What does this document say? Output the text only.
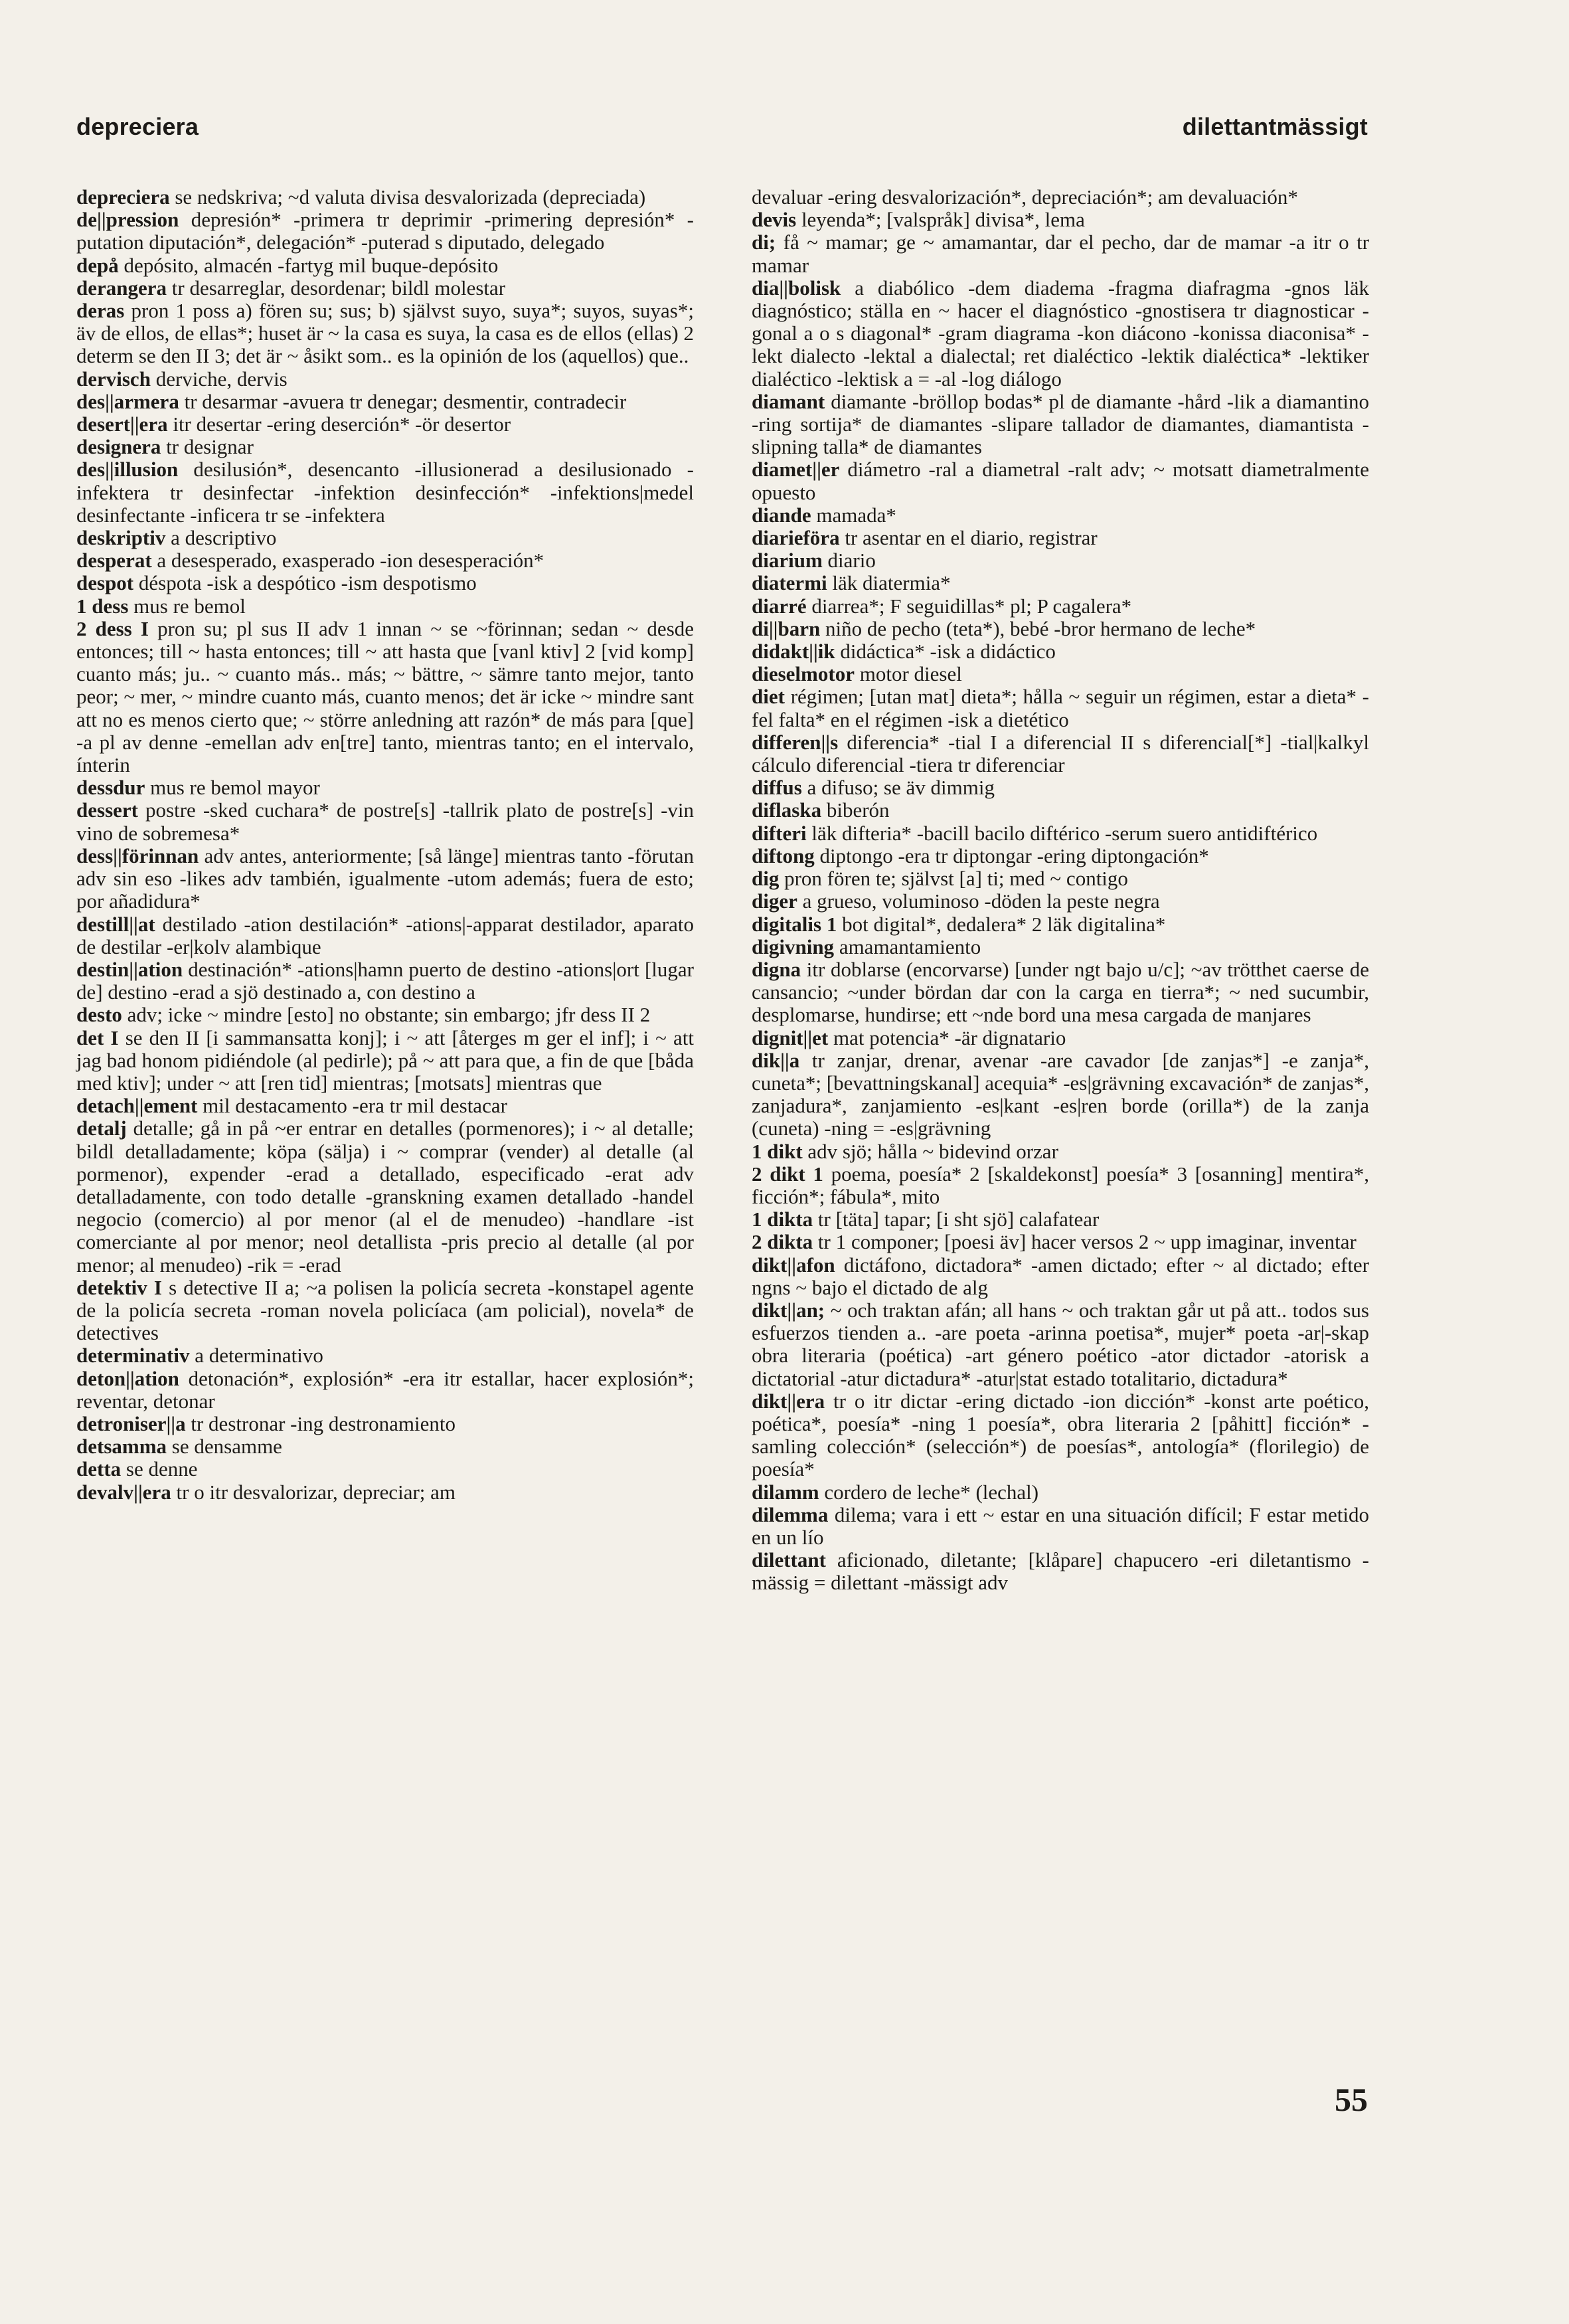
depreciera	dilettantmässigt

depreciera se nedskriva; ~d valuta divisa desvalorizada (depreciada)

de||pression depresión* -primera tr deprimir -primering depresión* -putation diputación*, delegación* -puterad s diputado, delegado

depå depósito, almacén -fartyg mil buque-depósito

derangera tr desarreglar, desordenar; bildl molestar

deras pron 1 poss a) fören su; sus; b) självst suyo, suya*; suyos, suyas*; äv de ellos, de ellas*; huset är ~ la casa es suya, la casa es de ellos (ellas) 2 determ se den II 3; det är ~ åsikt som.. es la opinión de los (aquellos) que..

dervisch derviche, dervis

des||armera tr desarmar -avuera tr denegar; desmentir, contradecir

desert||era itr desertar -ering deserción* -ör desertor

designera tr designar

des||illusion desilusión*, desencanto -illusionerad a desilusionado -infektera tr desinfectar -infektion desinfección* -infektions|medel desinfectante -inficera tr se -infektera

deskriptiv a descriptivo

desperat a desesperado, exasperado -ion desesperación*

despot déspota -isk a despótico -ism despotismo

1 dess mus re bemol

2 dess I pron su; pl sus II adv 1 innan ~ se ~förinnan; sedan ~ desde entonces; till ~ hasta entonces; till ~ att hasta que [vanl ktiv] 2 [vid komp] cuanto más; ju.. ~ cuanto más.. más; ~ bättre, ~ sämre tanto mejor, tanto peor; ~ mer, ~ mindre cuanto más, cuanto menos; det är icke ~ mindre sant att no es menos cierto que; ~ större anledning att razón* de más para [que] -a pl av denne -emellan adv en[tre] tanto, mientras tanto; en el intervalo, ínterin

dessdur mus re bemol mayor

dessert postre -sked cuchara* de postre[s] -tallrik plato de postre[s] -vin vino de sobremesa*

dess||förinnan adv antes, anteriormente; [så länge] mientras tanto -förutan adv sin eso -likes adv también, igualmente -utom además; fuera de esto; por añadidura*

destill||at destilado -ation destilación* -ations|-apparat destilador, aparato de destilar -er|kolv alambique

destin||ation destinación* -ations|hamn puerto de destino -ations|ort [lugar de] destino -erad a sjö destinado a, con destino a

desto adv; icke ~ mindre [esto] no obstante; sin embargo; jfr dess II 2

det I se den II [i sammansatta konj]; i ~ att [återges m ger el inf]; i ~ att jag bad honom pidiéndole (al pedirle); på ~ att para que, a fin de que [båda med ktiv]; under ~ att [ren tid] mientras; [motsats] mientras que

detach||ement mil destacamento -era tr mil destacar

detalj detalle; gå in på ~er entrar en detalles (pormenores); i ~ al detalle; bildl detalladamente; köpa (sälja) i ~ comprar (vender) al detalle (al pormenor), expender -erad a detallado, especificado -erat adv detalladamente, con todo detalle -granskning examen detallado -handel negocio (comercio) al por menor (al el de menudeo) -handlare -ist comerciante al por menor; neol detallista -pris precio al detalle (al por menor; al menudeo) -rik = -erad

detektiv I s detective II a; ~a polisen la policía secreta -konstapel agente de la policía secreta -roman novela policíaca (am policial), novela* de detectives

determinativ a determinativo

deton||ation detonación*, explosión* -era itr estallar, hacer explosión*; reventar, detonar

detroniser||a tr destronar -ing destronamiento

detsamma se densamme

detta se denne

devalv||era tr o itr desvalorizar, depreciar; am

devaluar -ering desvalorización*, depreciación*; am devaluación*

devis leyenda*; [valspråk] divisa*, lema

di; få ~ mamar; ge ~ amamantar, dar el pecho, dar de mamar -a itr o tr mamar

dia||bolisk a diabólico -dem diadema -fragma diafragma -gnos läk diagnóstico; ställa en ~ hacer el diagnóstico -gnostisera tr diagnosticar -gonal a o s diagonal* -gram diagrama -kon diácono -konissa diaconisa* -lekt dialecto -lektal a dialectal; ret dialéctico -lektik dialéctica* -lektiker dialéctico -lektisk a = -al -log diálogo

diamant diamante -bröllop bodas* pl de diamante -hård -lik a diamantino -ring sortija* de diamantes -slipare tallador de diamantes, diamantista -slipning talla* de diamantes

diamet||er diámetro -ral a diametral -ralt adv; ~ motsatt diametralmente opuesto

diande mamada*

diarieföra tr asentar en el diario, registrar

diarium diario

diatermi läk diatermia*

diarré diarrea*; F seguidillas* pl; P cagalera*

di||barn niño de pecho (teta*), bebé -bror hermano de leche*

didakt||ik didáctica* -isk a didáctico

dieselmotor motor diesel

diet régimen; [utan mat] dieta*; hålla ~ seguir un régimen, estar a dieta* -fel falta* en el régimen -isk a dietético

differen||s diferencia* -tial I a diferencial II s diferencial[*] -tial|kalkyl cálculo diferencial -tiera tr diferenciar

diffus a difuso; se äv dimmig

diflaska biberón

difteri läk difteria* -bacill bacilo diftérico -serum suero antidiftérico

diftong diptongo -era tr diptongar -ering diptongación*

dig pron fören te; självst [a] ti; med ~ contigo

diger a grueso, voluminoso -döden la peste negra

digitalis 1 bot digital*, dedalera* 2 läk digitalina*

digivning amamantamiento

digna itr doblarse (encorvarse) [under ngt bajo u/c]; ~av trötthet caerse de cansancio; ~under bördan dar con la carga en tierra*; ~ ned sucumbir, desplomarse, hundirse; ett ~nde bord una mesa cargada de manjares

dignit||et mat potencia* -är dignatario

dik||a tr zanjar, drenar, avenar -are cavador [de zanjas*] -e zanja*, cuneta*; [bevattningskanal] acequia* -es|grävning excavación* de zanjas*, zanjadura*, zanjamiento -es|kant -es|ren borde (orilla*) de la zanja (cuneta) -ning = -es|grävning

1 dikt adv sjö; hålla ~ bidevind orzar

2 dikt 1 poema, poesía* 2 [skaldekonst] poesía* 3 [osanning] mentira*, ficción*; fábula*, mito

1 dikta tr [täta] tapar; [i sht sjö] calafatear

2 dikta tr 1 componer; [poesi äv] hacer versos 2 ~ upp imaginar, inventar

dikt||afon dictáfono, dictadora* -amen dictado; efter ~ al dictado; efter ngns ~ bajo el dictado de alg

dikt||an; ~ och traktan afán; all hans ~ och traktan går ut på att.. todos sus esfuerzos tienden a.. -are poeta -arinna poetisa*, mujer* poeta -ar|-skap obra literaria (poética) -art género poético -ator dictador -atorisk a dictatorial -atur dictadura* -atur|stat estado totalitario, dictadura*

dikt||era tr o itr dictar -ering dictado -ion dicción* -konst arte poético, poética*, poesía* -ning 1 poesía*, obra literaria 2 [påhitt] ficción* -samling colección* (selección*) de poesías*, antología* (florilegio) de poesía*

dilamm cordero de leche* (lechal)

dilemma dilema; vara i ett ~ estar en una situación difícil; F estar metido en un lío

dilettant aficionado, diletante; [klåpare] chapucero -eri diletantismo -mässig = dilettant -mässigt adv

55
